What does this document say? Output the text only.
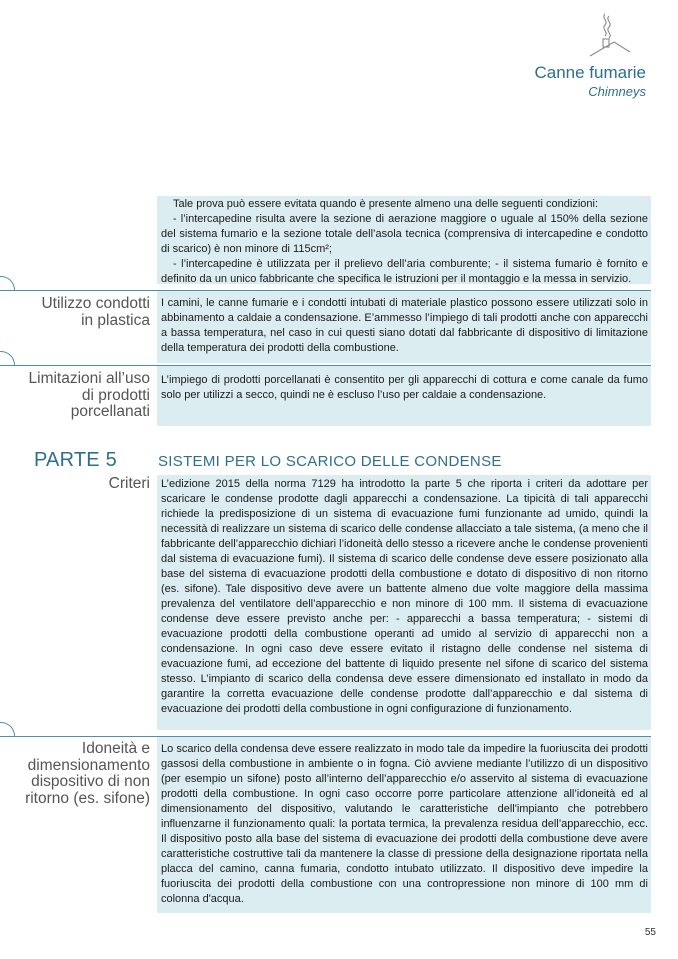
Canne fumarie
Chimneys

Tale prova può essere evitata quando è presente almeno una delle seguenti condizioni:

- l’intercapedine risulta avere la sezione di aerazione maggiore o uguale al 150% della sezione del sistema fumario e la sezione totale dell’asola tecnica (comprensiva di intercapedine e condotto di scarico) è non minore di 115cm²;

- l’intercapedine è utilizzata per il prelievo dell’aria comburente; - il sistema fumario è fornito e definito da un unico fabbricante che specifica le istruzioni per il montaggio e la messa in servizio.

Utilizzo condotti
in plastica

I camini, le canne fumarie e i condotti intubati di materiale plastico possono essere utilizzati solo in abbinamento a caldaie a condensazione. E’ammesso l’impiego di tali prodotti anche con apparecchi a bassa temperatura, nel caso in cui questi siano dotati dal fabbricante di dispositivo di limitazione della temperatura dei prodotti della combustione.

Limitazioni all’uso
di prodotti
porcellanati

L’impiego di prodotti porcellanati è consentito per gli apparecchi di cottura e come canale da fumo solo per utilizzi a secco, quindi ne è escluso l’uso per caldaie a condensazione.

PARTE 5	SISTEMI PER LO SCARICO DELLE CONDENSE
Criteri L’edizione 2015 della norma 7129 ha introdotto la parte 5 che riporta i criteri da adottare per scaricare le condense prodotte dagli apparecchi a condensazione. La tipicità di tali apparecchi richiede la predisposizione di un sistema di evacuazione fumi funzionante ad umido, quindi la necessità di realizzare un sistema di scarico delle condense allacciato a tale sistema, (a meno che il fabbricante dell’apparecchio dichiari l’idoneità dello stesso a ricevere anche le condense provenienti dal sistema di evacuazione fumi). Il sistema di scarico delle condense deve essere posizionato alla base del sistema di evacuazione prodotti della combustione e dotato di dispositivo di non ritorno (es. sifone). Tale dispositivo deve avere un battente almeno due volte maggiore della massima prevalenza del ventilatore dell’apparecchio e non minore di 100 mm. Il sistema di evacuazione condense deve essere previsto anche per: - apparecchi a bassa temperatura; - sistemi di evacuazione prodotti della combustione operanti ad umido al servizio di apparecchi non a condensazione. In ogni caso deve essere evitato il ristagno delle condense nel sistema di evacuazione fumi, ad eccezione del battente di liquido presente nel sifone di scarico del sistema stesso. L’impianto di scarico della condensa deve essere dimensionato ed installato in modo da garantire la corretta evacuazione delle condense prodotte dall’apparecchio e dal sistema di evacuazione dei prodotti della combustione in ogni configurazione di funzionamento.

Idoneità e
dimensionamento
dispositivo di non
ritorno (es. sifone)

Lo scarico della condensa deve essere realizzato in modo tale da impedire la fuoriuscita dei prodotti gassosi della combustione in ambiente o in fogna. Ciò avviene mediante l’utilizzo di un dispositivo (per esempio un sifone) posto all’interno dell’apparecchio e/o asservito al sistema di evacuazione prodotti della combustione. In ogni caso occorre porre particolare attenzione all’idoneità ed al dimensionamento del dispositivo, valutando le caratteristiche dell'impianto che potrebbero influenzarne il funzionamento quali: la portata termica, la prevalenza residua dell’apparecchio, ecc. Il dispositivo posto alla base del sistema di evacuazione dei prodotti della combustione deve avere caratteristiche costruttive tali da mantenere la classe di pressione della designazione riportata nella placca del camino, canna fumaria, condotto intubato utilizzato. Il dispositivo deve impedire la fuoriuscita dei prodotti della combustione con una contropressione non minore di 100 mm di colonna d'acqua.

55
